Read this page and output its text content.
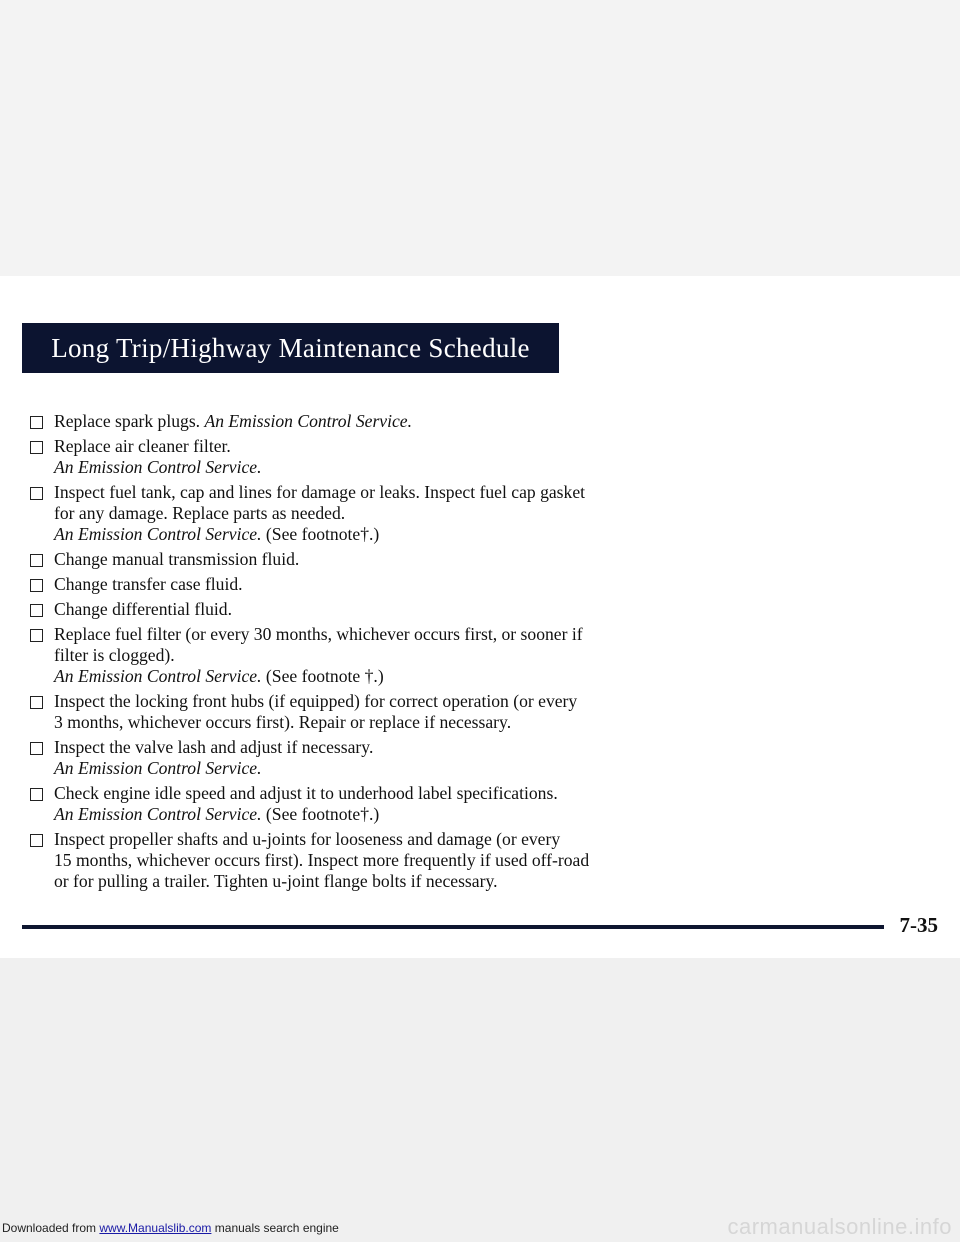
Long Trip/Highway Maintenance Schedule
Replace spark plugs. An Emission Control Service.
Replace air cleaner filter.
An Emission Control Service.
Inspect fuel tank, cap and lines for damage or leaks. Inspect fuel cap gasket
for any damage. Replace parts as needed.
An Emission Control Service. (See footnote†.)
Change manual transmission fluid.
Change transfer case fluid.
Change differential fluid.
Replace fuel filter (or every 30 months, whichever occurs first, or sooner if
filter is clogged).
An Emission Control Service. (See footnote †.)
Inspect the locking front hubs (if equipped) for correct operation (or every
3 months, whichever occurs first). Repair or replace if necessary.
Inspect the valve lash and adjust if necessary.
An Emission Control Service.
Check engine idle speed and adjust it to underhood label specifications.
An Emission Control Service. (See footnote†.)
Inspect propeller shafts and u-joints for looseness and damage (or every
15 months, whichever occurs first). Inspect more frequently if used off-road
or for pulling a trailer. Tighten u-joint flange bolts if necessary.
7-35
Downloaded from www.Manualslib.com manuals search engine	carmanualsonline.info
